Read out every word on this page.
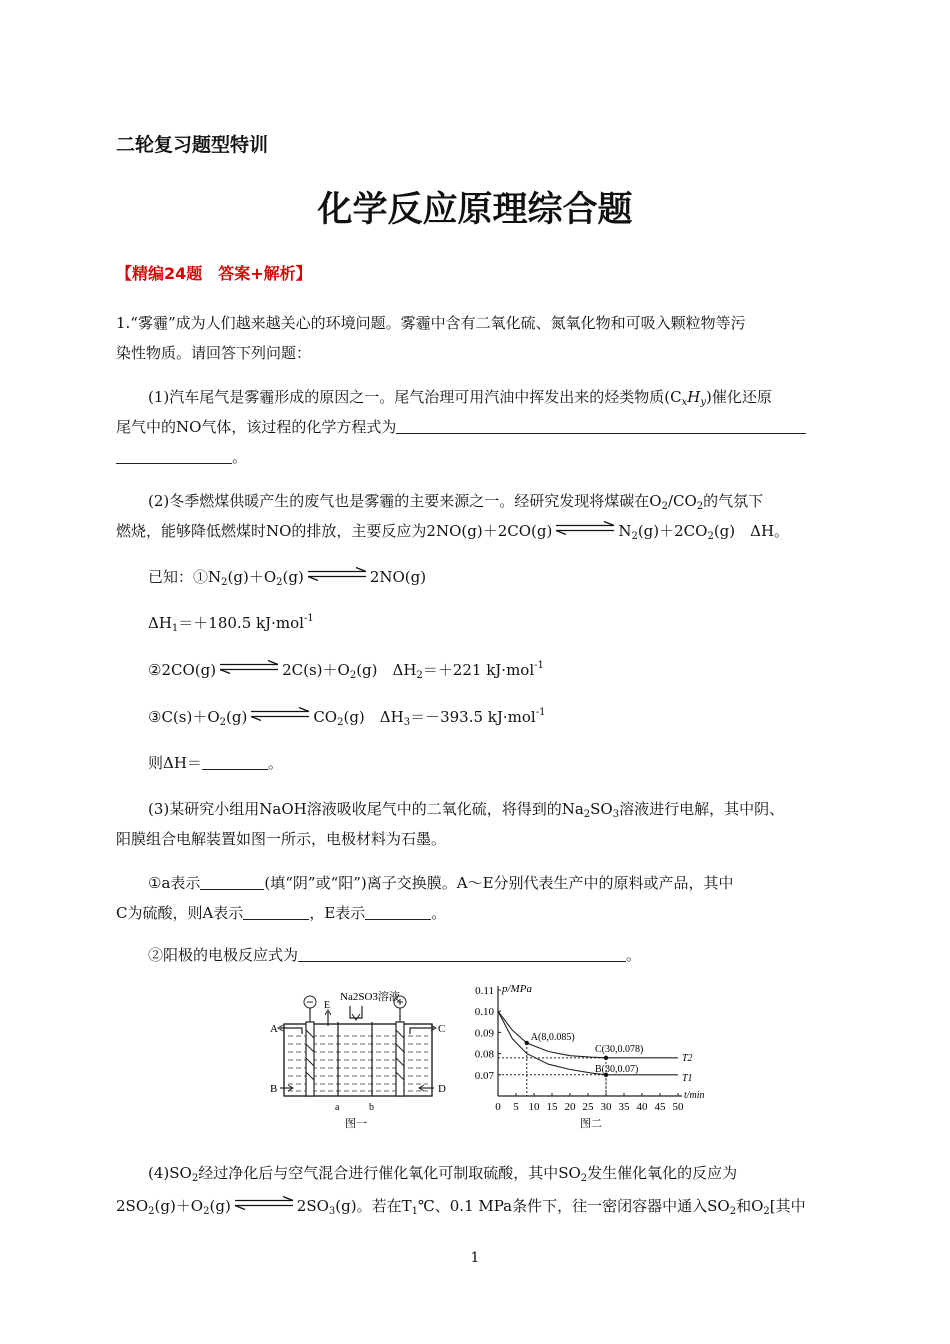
二轮复习题型特训
化学反应原理综合题
【精编24题　答案+解析】
1.“雾霾”成为人们越来越关心的环境问题。雾霾中含有二氧化硫、氮氧化物和可吸入颗粒物等污
染性物质。请回答下列问题：
(1)汽车尾气是雾霾形成的原因之一。尾气治理可用汽油中挥发出来的烃类物质$(C_xH_y)$催化还原
尾气中的NO气体，该过程的化学方程式为
。
(2)冬季燃煤供暖产生的废气也是雾霾的主要来源之一。经研究发现将煤碳在$O_2/CO_2$的气氛下
燃烧，能够降低燃煤时NO的排放，主要反应为2NO(g)＋2CO(g)	$N_2(g)+2CO_2(g)$　ΔH。
已知：$①N_2(g)+O_2(g)$	2NO(g)
$\Delta H_1=+180.5$ kJ·mol$^{-1}$
②2CO(g)	$2C(s)+O_2(g)$　$\Delta H_2=+221$ kJ·mol$^{-1}$
$③C(s)+O_2(g)$	$CO_2(g)$　$\Delta H_3=-393.5$ kJ·mol$^{-1}$
则ΔH＝	。
(3)某研究小组用NaOH溶液吸收尾气中的二氧化硫，将得到的$Na_2SO_3$溶液进行电解，其中阴、
阳膜组合电解装置如图一所示，电极材料为石墨。
①a表示	(填“阴”或“阳”)离子交换膜。A～E分别代表生产中的原料或产品，其中
C为硫酸，则A表示	，E表示	。
②阳极的电极反应式为	。
Na2SO3溶液
A
B
C
D
E
a	b
图一
0 5 10 15 20 25 30 35 40 45 50
0.07
0.08
0.09
0.10
0.11 p/MPa
t/min
T2
T1
A(8,0.085)
C(30,0.078)
B(30,0.07)
图二
$(4)SO_2$经过净化后与空气混合进行催化氧化可制取硫酸，其中$SO_2$发生催化氧化的反应为
$2SO_2(g)+O_2(g)$	$2SO_3(g)$。若在$T_1℃$、0.1 MPa条件下，往一密闭容器中通入$SO_2$和$O_2$[其中
1
